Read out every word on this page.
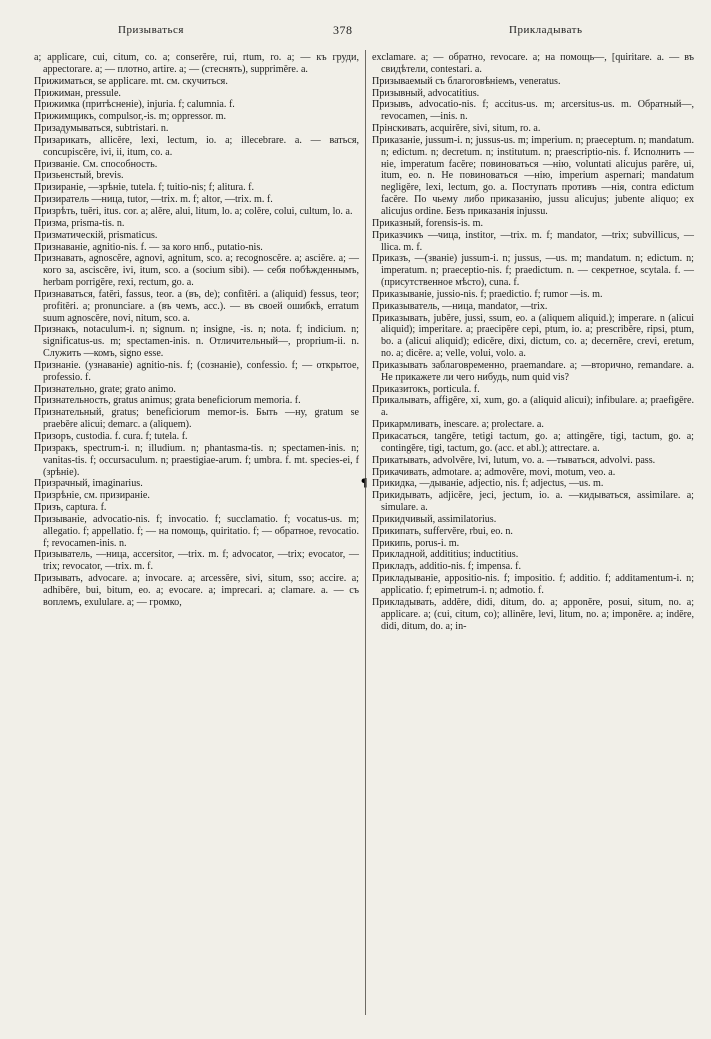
Призываться	378	Прикладывать
¶

a; applicare, cui, citum, co. a; conserĕre, rui, rtum, ro. a; — къ груди, appectorare. a; — плотно, artire. a; — (стеснять), supprimĕre. a.

Прижиматься, se applicare. mt. см. скучиться.

Прижиман, pressule.

Прижимка (притѣсненіе), injuria. f; calumnia. f.

Прижимщикъ, compulsor,-is. m; oppressor. m.

Призадумываться, subtristari. n.

Призарикать, allicĕre, lexi, lectum, io. a; illecebrare. a. — ваться, concupiscĕre, ivi, ii, itum, co. a.

Призваніе. См. способность.

Призьенстый, brevis.

Призираніе, —зрѣніе, tutela. f; tuitio-nis; f; alitura. f.

Призиратель —ница, tutor, —trix. m. f; altor, —trix. m. f.

Призрѣть, tuĕri, itus. cor. a; alĕre, alui, litum, lo. a; colĕre, colui, cultum, lo. a.

Призма, prisma-tis. n.

Призматическій, prismaticus.

Признаваніе, agnitio-nis. f. — за кого нпб., putatio-nis.

Признавать, agnoscĕre, agnovi, agnitum, sco. a; recognoscĕre. a; asciĕre. a; — кого за, asciscĕre, ivi, itum, sco. a (socium sibi). — себя побѣжденнымъ, herbam porrigĕre, rexi, rectum, go. a.

Признаваться, fatĕri, fassus, teor. a (въ, de); confitĕri. a (aliquid) fessus, teor; profitĕri. a; pronunciare. a (въ чемъ, acc.). — въ своей ошибкѣ, erratum suum agnoscĕre, novi, nitum, sco. a.

Признакъ, notaculum-i. n; signum. n; insigne, -is. n; nota. f; indicium. n; significatus-us. m; spectamen-inis. n. Отличительный—, proprium-ii. n. Служить —комъ, signo esse.

Признаніе. (узнаваніе) agnitio-nis. f; (сознаніе), confessio. f; — открытое, professio. f.

Признательно, grate; grato animo.

Признательность, gratus animus; grata beneficiorum memoria. f.

Признательный, gratus; beneficiorum memor-is. Быть —ну, gratum se praebĕre alicui; demarc. a (aliquem).

Призоръ, custodia. f. cura. f; tutela. f.

Призракъ, spectrum-i. n; illudium. n; phantasma-tis. n; spectamen-inis. n; vanitas-tis. f; occursaculum. n; praestigiae-arum. f; umbra. f. mt. species-ei, f (зрѣніе).

Призрачный, imaginarius.

Призрѣніе, см. призираніе.

Призъ, captura. f.

Призываніе, advocatio-nis. f; invocatio. f; succlamatio. f; vocatus-us. m; allegatio. f; appellatio. f; — на помощь, quiritatio. f; — обратное, revocatio. f; revocamen-inis. n.

Призыватель, —ница, accersitor, —trix. m. f; advocator, —trix; evocator, —trix; revocator, —trix. m. f.

Призывать, advocare. a; invocare. a; arcessĕre, sivi, situm, sso; accire. a; adhibĕre, bui, bitum, eo. a; evocare. a; imprecari. a; clamare. a. — съ воплемъ, exululare. a; — громко,

exclamare. a; — обратно, revocare. a; на помощь—, [quiritare. a. — въ свидѣтели, contestari. a.

Призываемый съ благоговѣніемъ, veneratus.

Призывный, advocatitius.

Призывъ, advocatio-nis. f; accitus-us. m; arcersitus-us. m. Обратный—, revocamen, —inis. n.

Прінскивать, acquirĕre, sivi, situm, ro. a.

Приказаніе, jussum-i. n; jussus-us. m; imperium. n; praeceptum. n; mandatum. n; edictum. n; decretum. n; institutum. n; praescriptio-nis. f. Исполнить —ніе, imperatum facĕre; повиноваться —нію, voluntati alicujus parĕre, ui, itum, eo. n. Не повиноваться —нію, imperium aspernari; mandatum negligĕre, lexi, lectum, go. a. Поступать противъ —нія, contra edictum facĕre. По чьему либо приказанію, jussu alicujus; jubente aliquo; ex alicujus ordine. Безъ приказанія injussu.

Приказный, forensis-is. m.

Приказчикъ —чица, institor, —trix. m. f; mandator, —trix; subvillicus, —llica. m. f.

Приказъ, —(званіе) jussum-i. n; jussus, —us. m; mandatum. n; edictum. n; imperatum. n; praeceptio-nis. f; praedictum. n. — секретное, scytala. f. — (присутственное мѣсто), cuna. f.

Приказываніе, jussio-nis. f; praedictio. f; rumor —is. m.

Приказыватель, —ница, mandator, —trix.

Приказывать, jubĕre, jussi, ssum, eo. a (aliquem aliquid.); imperare. n (alicui aliquid); imperitare. a; praecipĕre cepi, ptum, io. a; prescribĕre, ripsi, ptum, bo. a (alicui aliquid); edicĕre, dixi, dictum, co. a; decernĕre, crevi, eretum, no. a; dicĕre. a; velle, volui, volo. a.

Приказывать заблаговременно, praemandare. a; —вторично, remandare. a. Не прикажете ли чего нибудь, num quid vis?

Приказитокъ, porticula. f.

Прикалывать, affigĕre, xi, xum, go. a (aliquid alicui); infibulare. a; praefigĕre. a.

Прикармливать, inescare. a; prolectare. a.

Прикасаться, tangĕre, tetigi tactum, go. a; attingĕre, tigi, tactum, go. a; contingĕre, tigi, tactum, go. (acc. et abl.); attrectare. a.

Прикатывать, advolvĕre, lvi, lutum, vo. a. —тываться, advolvi. pass.

Прикачивать, admotare. a; admovĕre, movi, motum, veo. a.

Прикидка, —дываніе, adjectio, nis. f; adjectus, —us. m.

Прикидывать, adjicĕre, jeci, jectum, io. a. —кидываться, assimilare. a; simulare. a.

Прикидчивый, assimilatorius.

Прикипать, suffervĕre, rbui, eo. n.

Прикипь, porus-i. m.

Прикладной, addititius; inductitius.

Прикладъ, additio-nis. f; impensa. f.

Прикладываніе, appositio-nis. f; impositio. f; additio. f; additamentum-i. n; applicatio. f; epimetrum-i. n; admotio. f.

Прикладывать, addĕre, didi, ditum, do. a; apponĕre, posui, situm, no. a; applicare. a; (cui, citum, co); allinĕre, levi, litum, no. a; imponĕre. a; indĕre, didi, ditum, do. a; in-
